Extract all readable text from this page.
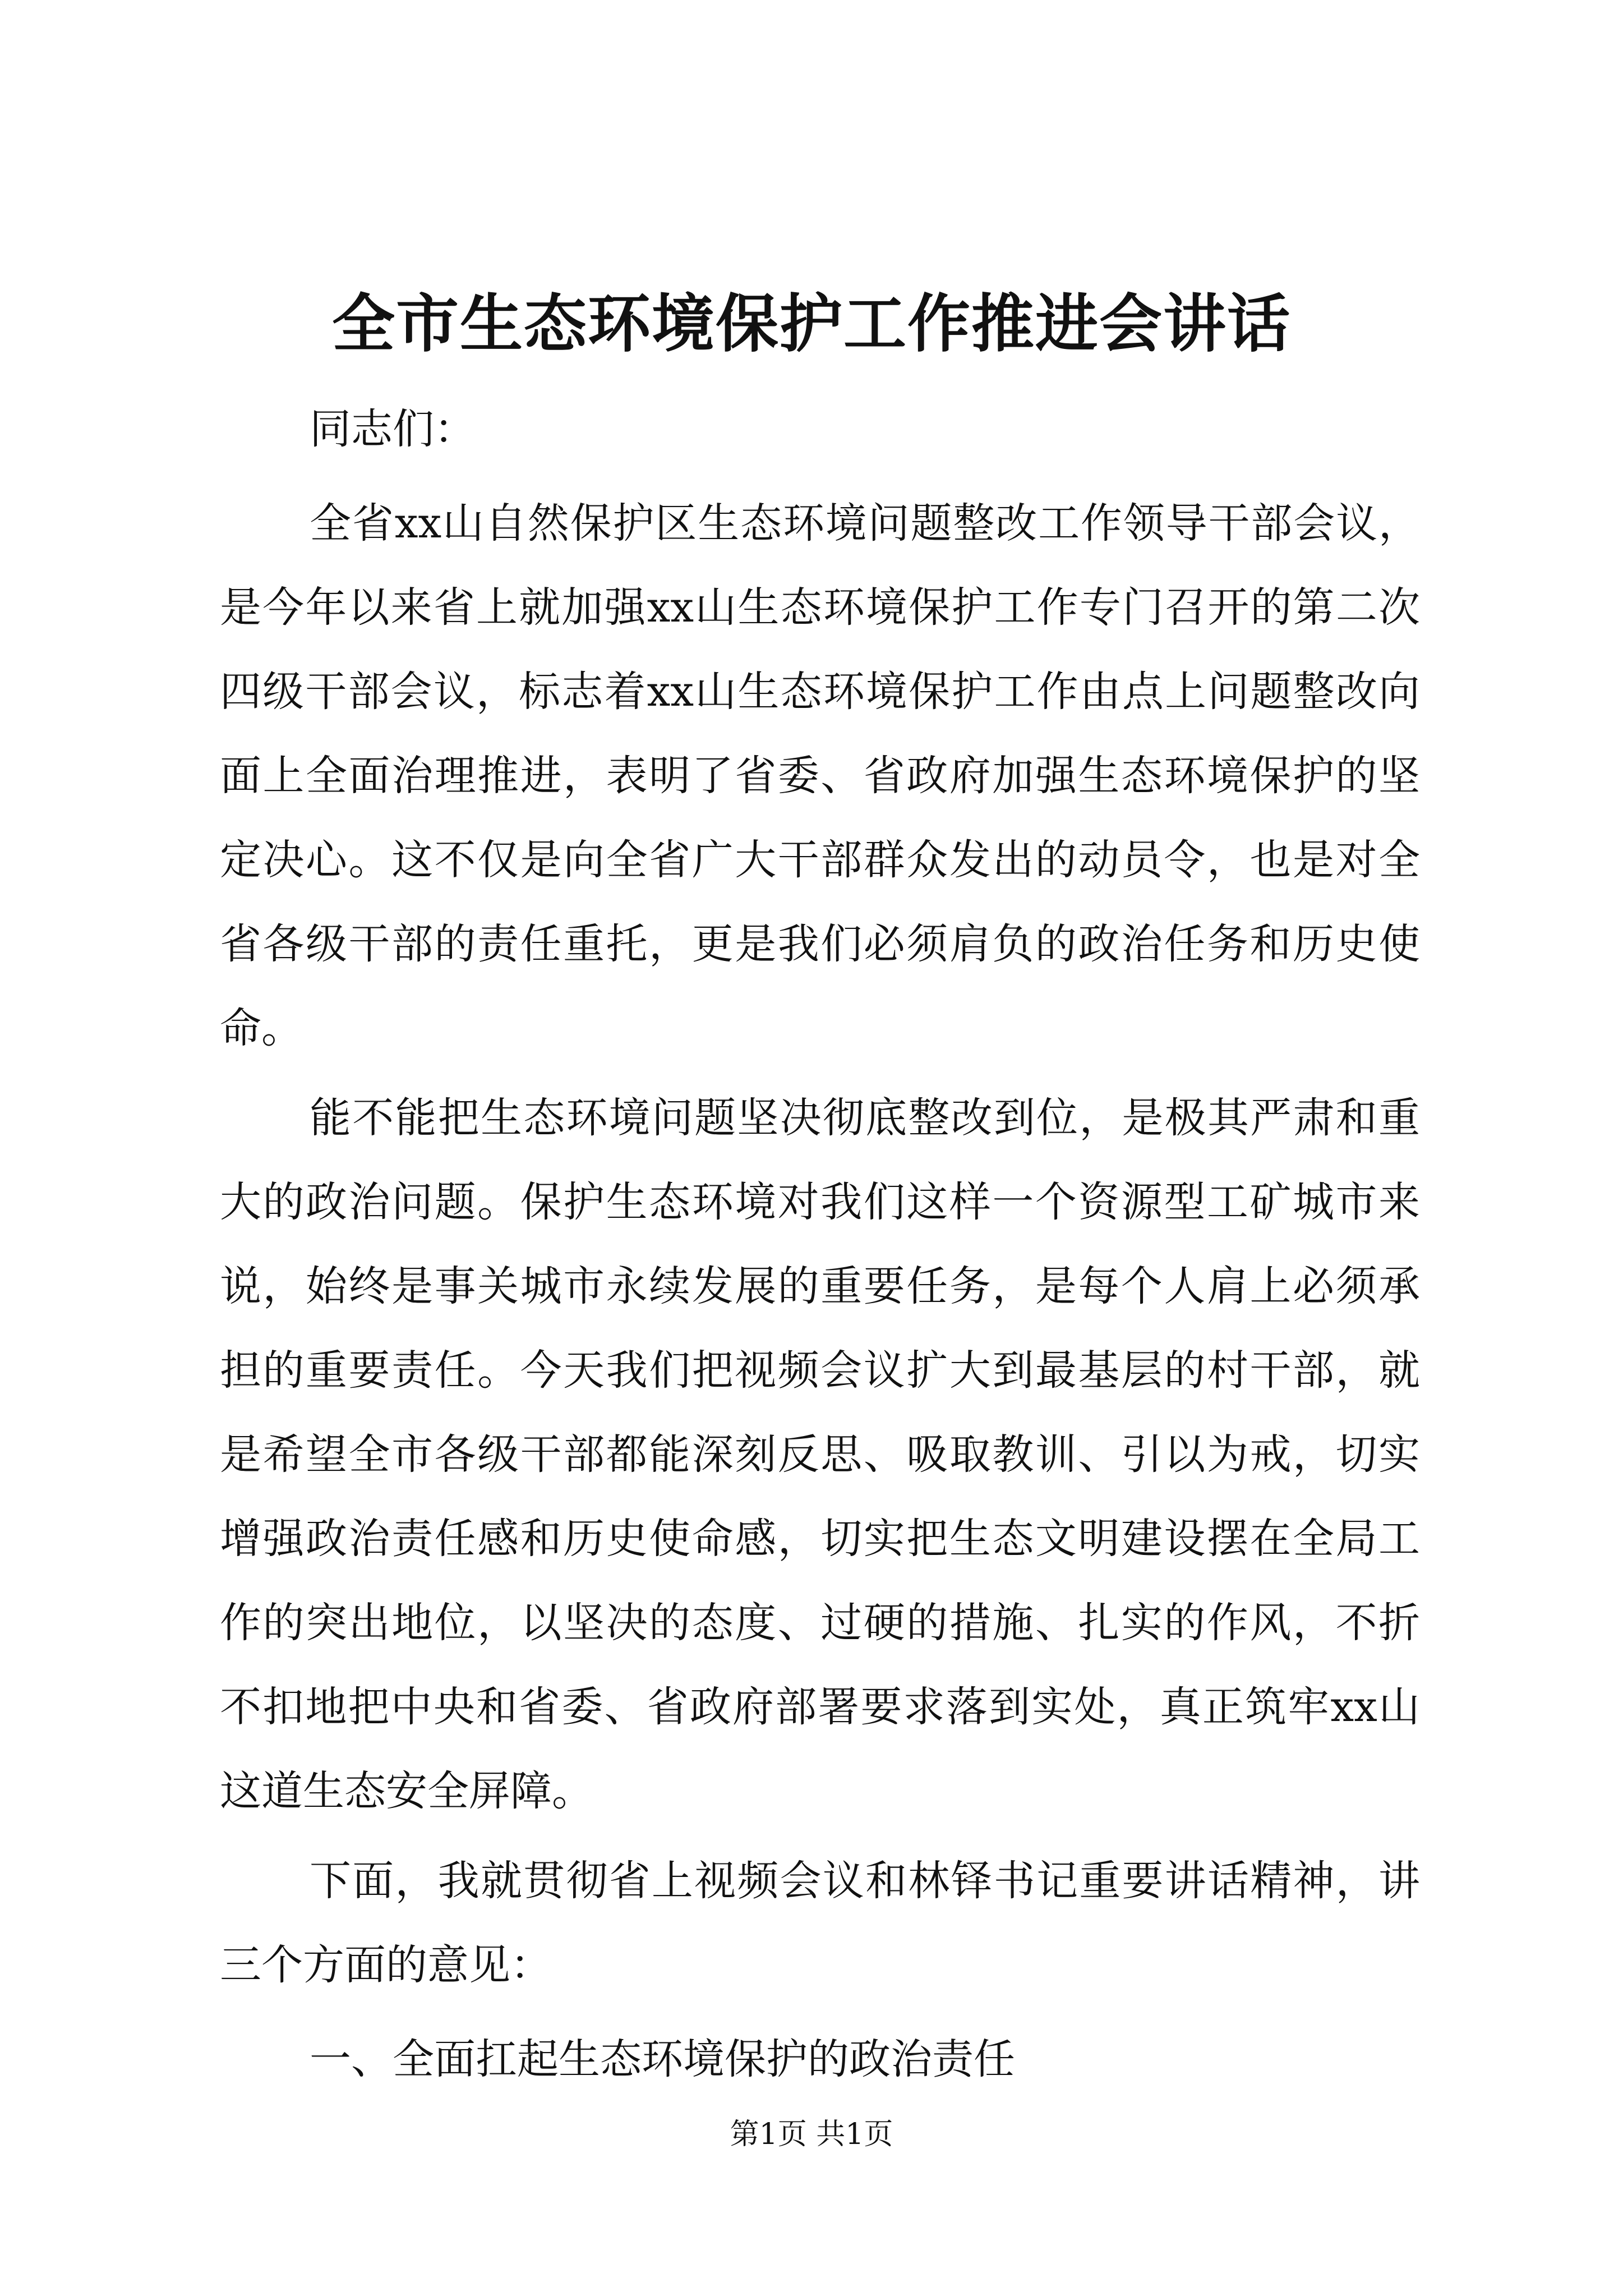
全市生态环境保护工作推进会讲话

同志们：

全省xx山自然保护区生态环境问题整改工作领导干部会议，是今年以来省上就加强xx山生态环境保护工作专门召开的第二次四级干部会议，标志着xx山生态环境保护工作由点上问题整改向面上全面治理推进，表明了省委、省政府加强生态环境保护的坚定决心。这不仅是向全省广大干部群众发出的动员令，也是对全省各级干部的责任重托，更是我们必须肩负的政治任务和历史使命。

能不能把生态环境问题坚决彻底整改到位，是极其严肃和重大的政治问题。保护生态环境对我们这样一个资源型工矿城市来说，始终是事关城市永续发展的重要任务，是每个人肩上必须承担的重要责任。今天我们把视频会议扩大到最基层的村干部，就是希望全市各级干部都能深刻反思、吸取教训、引以为戒，切实增强政治责任感和历史使命感，切实把生态文明建设摆在全局工作的突出地位，以坚决的态度、过硬的措施、扎实的作风，不折不扣地把中央和省委、省政府部署要求落到实处，真正筑牢xx山这道生态安全屏障。

下面，我就贯彻省上视频会议和林铎书记重要讲话精神，讲三个方面的意见：

一、全面扛起生态环境保护的政治责任

第1页 共1页
